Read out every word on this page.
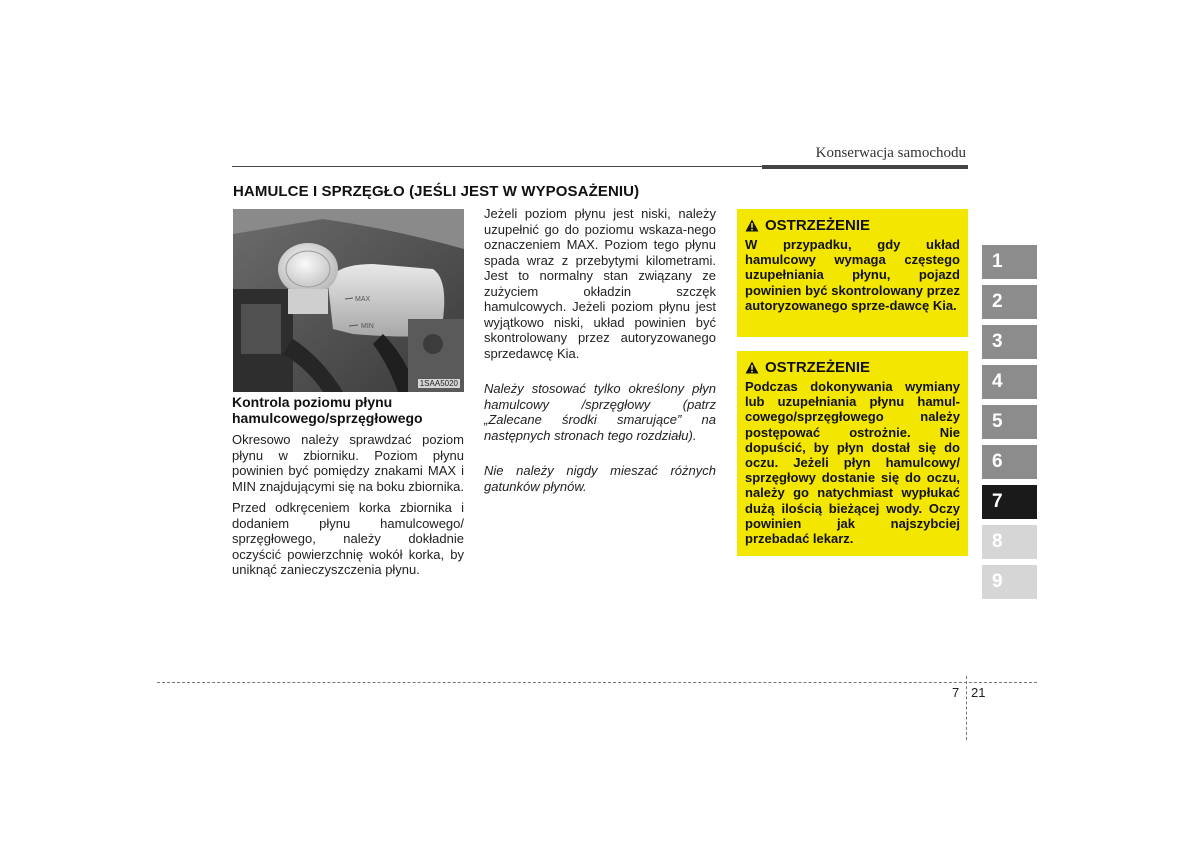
Konserwacja samochodu
HAMULCE I SPRZĘGŁO (JEŚLI JEST W WYPOSAŻENIU)
MAX
MIN
1SAA5020
Kontrola poziomu płynu hamulcowego/sprzęgłowego

Okresowo należy sprawdzać poziom płynu w zbiorniku. Poziom płynu powinien być pomiędzy znakami MAX i MIN znajdującymi się na boku zbiornika.

Przed odkręceniem korka zbiornika i dodaniem płynu hamulcowego/ sprzęgłowego, należy dokładnie oczyścić powierzchnię wokół korka, by uniknąć zanieczyszczenia płynu.

Jeżeli poziom płynu jest niski, należy uzupełnić go do poziomu wskaza-nego oznaczeniem MAX. Poziom tego płynu spada wraz z przebytymi kilometrami. Jest to normalny stan związany ze zużyciem okładzin szczęk hamulcowych. Jeżeli poziom płynu jest wyjątkowo niski, układ powinien być skontrolowany przez autoryzowanego sprzedawcę Kia.

Należy stosować tylko określony płyn hamulcowy /sprzęgłowy (patrz „Zalecane środki smarujące” na następnych stronach tego rozdziału).

Nie należy nigdy mieszać różnych gatunków płynów.

OSTRZEŻENIE
W przypadku, gdy układ hamulcowy wymaga częstego uzupełniania płynu, pojazd powinien być skontrolowany przez autoryzowanego sprze-dawcę Kia.
OSTRZEŻENIE
Podczas dokonywania wymiany lub uzupełniania płynu hamul-cowego/sprzęgłowego należy postępować ostrożnie. Nie dopuścić, by płyn dostał się do oczu. Jeżeli płyn hamulcowy/ sprzęgłowy dostanie się do oczu, należy go natychmiast wypłukać dużą ilością bieżącej wody. Oczy powinien jak najszybciej przebadać lekarz.
1
2
3
4
5
6
7
8
9
7 21
